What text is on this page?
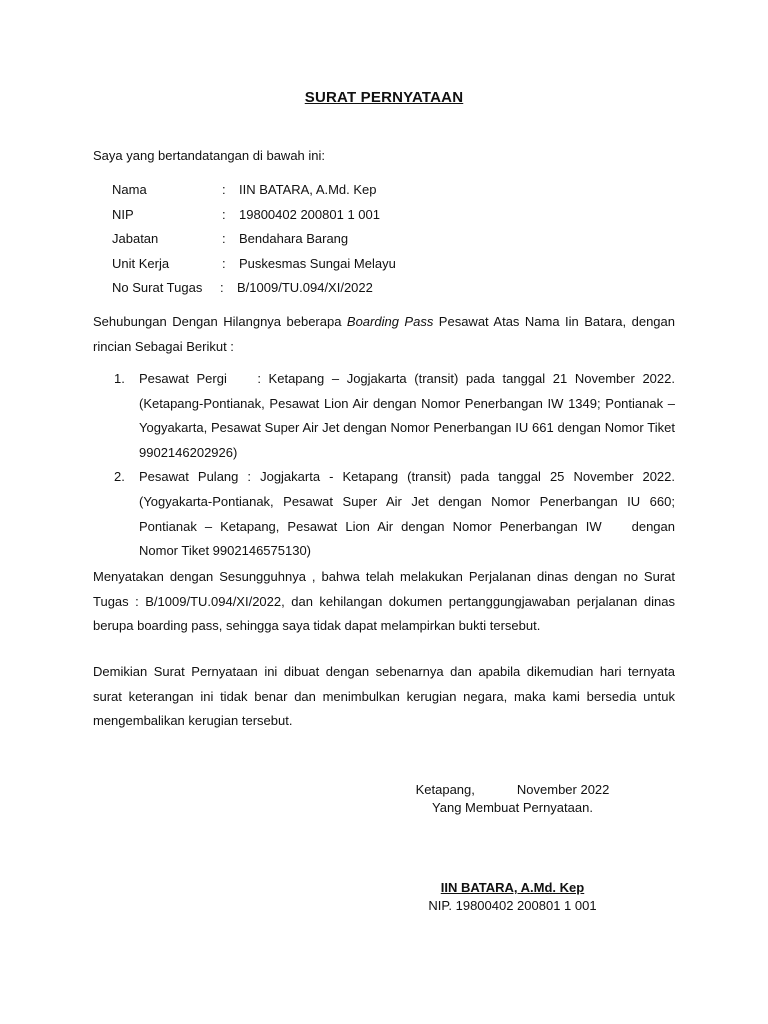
SURAT PERNYATAAN
Saya yang bertandatangan di bawah ini:
Nama	: IIN BATARA, A.Md. Kep
NIP	: 19800402 200801 1 001
Jabatan	: Bendahara Barang
Unit Kerja	: Puskesmas Sungai Melayu
No Surat Tugas	: B/1009/TU.094/XI/2022
Sehubungan Dengan Hilangnya beberapa Boarding Pass Pesawat Atas Nama Iin Batara, dengan rincian Sebagai Berikut :
1. Pesawat Pergi    : Ketapang – Jogjakarta (transit) pada tanggal 21 November 2022. (Ketapang-Pontianak, Pesawat Lion Air dengan Nomor Penerbangan IW 1349; Pontianak – Yogyakarta, Pesawat Super Air Jet dengan Nomor Penerbangan IU 661 dengan Nomor Tiket 9902146202926)
2. Pesawat Pulang : Jogjakarta - Ketapang (transit) pada tanggal 25 November 2022. (Yogyakarta-Pontianak, Pesawat Super Air Jet dengan Nomor Penerbangan IU 660; Pontianak – Ketapang, Pesawat Lion Air dengan Nomor Penerbangan IW dengan Nomor Tiket 9902146575130)
Menyatakan dengan Sesungguhnya , bahwa telah melakukan Perjalanan dinas dengan no Surat Tugas : B/1009/TU.094/XI/2022, dan kehilangan dokumen pertanggungjawaban perjalanan dinas berupa boarding pass, sehingga saya tidak dapat melampirkan bukti tersebut.
Demikian Surat Pernyataan ini dibuat dengan sebenarnya dan apabila dikemudian hari ternyata surat keterangan ini tidak benar dan menimbulkan kerugian negara, maka kami bersedia untuk mengembalikan kerugian tersebut.
Ketapang,	November 2022
Yang Membuat Pernyataan.
IIN BATARA, A.Md. Kep
NIP. 19800402 200801 1 001
